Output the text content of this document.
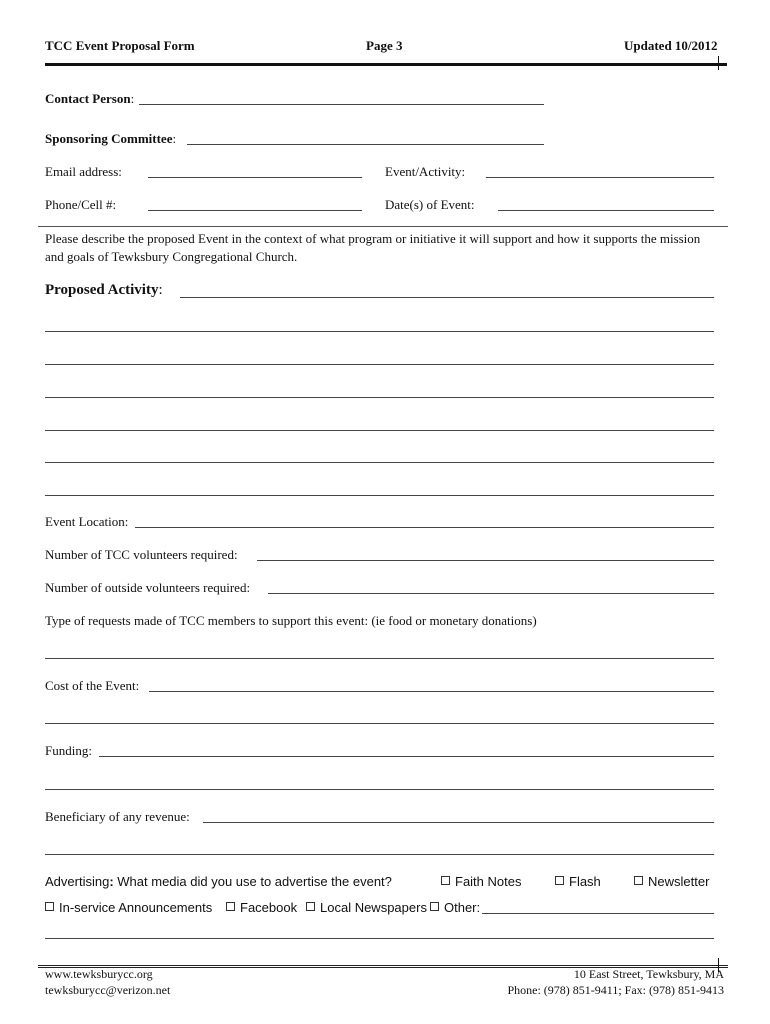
TCC Event Proposal Form	Page 3	Updated 10/2012
Contact Person:
Sponsoring Committee:
Email address:	Event/Activity:
Phone/Cell #:	Date(s) of Event:
Please describe the proposed Event in the context of what program or initiative it will support and how it supports the mission and goals of Tewksbury Congregational Church.
Proposed Activity:
Event Location:
Number of TCC volunteers required:
Number of outside volunteers required:
Type of requests made of TCC members to support this event: (ie food or monetary donations)
Cost of the Event:
Funding:
Beneficiary of any revenue:
Advertising: What media did you use to advertise the event?	Faith Notes	Flash	Newsletter
In-service Announcements	Facebook	Local Newspapers	Other:
www.tewksburycc.org
tewksburycc@verizon.net
10 East Street, Tewksbury, MA
Phone: (978) 851-9411; Fax: (978) 851-9413
